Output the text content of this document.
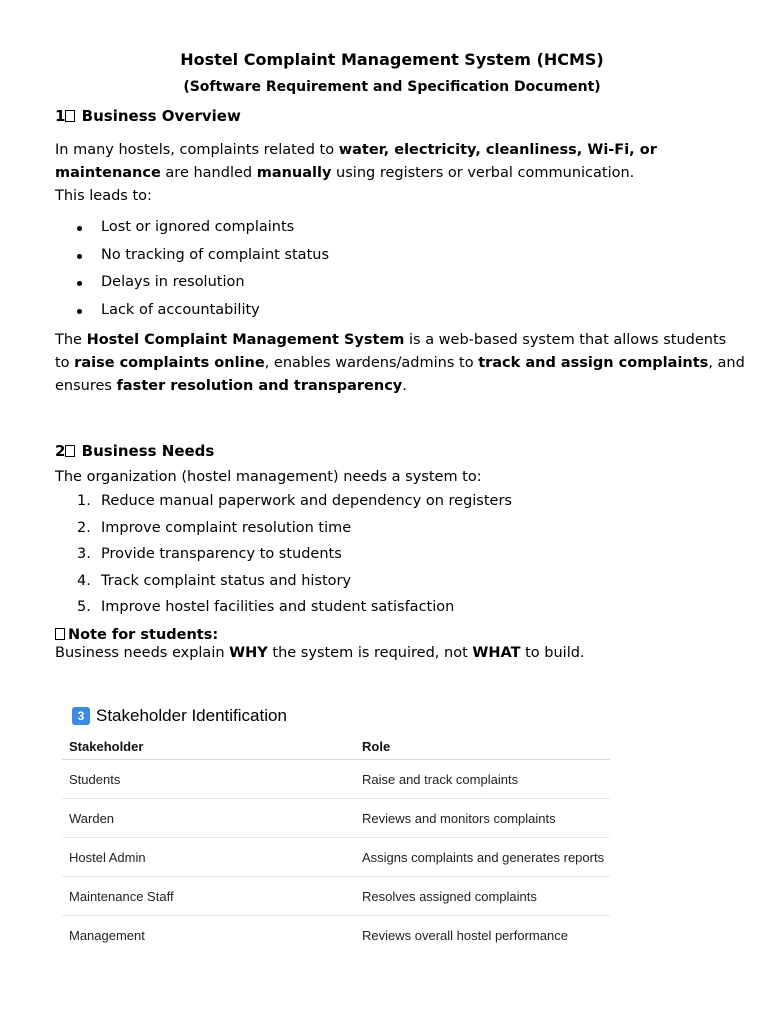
Hostel Complaint Management System (HCMS)
(Software Requirement and Specification Document)
1 Business Overview
In many hostels, complaints related to water, electricity, cleanliness, Wi-Fi, or maintenance are handled manually using registers or verbal communication.
This leads to:
Lost or ignored complaints
No tracking of complaint status
Delays in resolution
Lack of accountability
The Hostel Complaint Management System is a web-based system that allows students to raise complaints online, enables wardens/admins to track and assign complaints, and ensures faster resolution and transparency.
2 Business Needs
The organization (hostel management) needs a system to:
1. Reduce manual paperwork and dependency on registers
2. Improve complaint resolution time
3. Provide transparency to students
4. Track complaint status and history
5. Improve hostel facilities and student satisfaction
Note for students:
Business needs explain WHY the system is required, not WHAT to build.
3 Stakeholder Identification
Stakeholder	Role
Students	Raise and track complaints
Warden	Reviews and monitors complaints
Hostel Admin	Assigns complaints and generates reports
Maintenance Staff	Resolves assigned complaints
Management	Reviews overall hostel performance
